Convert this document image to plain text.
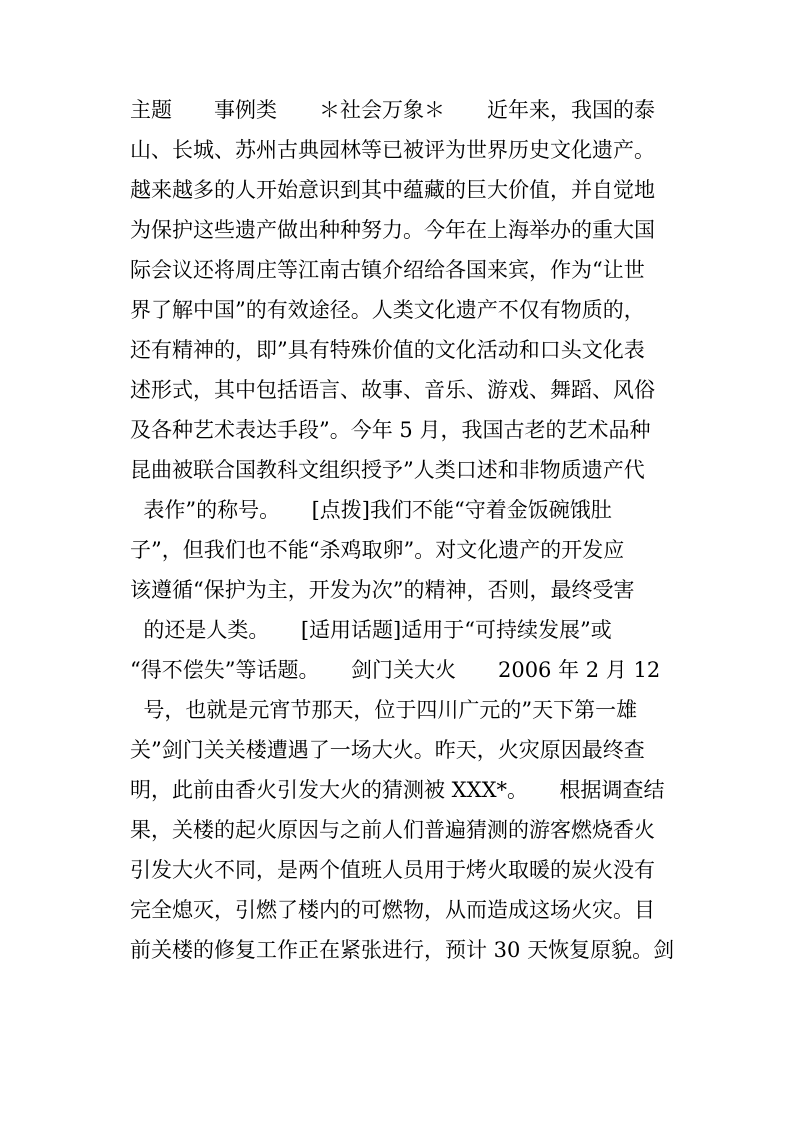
主题　　事例类　　＊社会万象＊　　近年来，我国的泰
山、长城、苏州古典园林等已被评为世界历史文化遗产。
越来越多的人开始意识到其中蕴藏的巨大价值，并自觉地
为保护这些遗产做出种种努力。今年在上海举办的重大国
际会议还将周庄等江南古镇介绍给各国来宾，作为“让世
界了解中国”的有效途径。人类文化遗产不仅有物质的，
还有精神的，即”具有特殊价值的文化活动和口头文化表
述形式，其中包括语言、故事、音乐、游戏、舞蹈、风俗
及各种艺术表达手段”。今年 5 月，我国古老的艺术品种
昆曲被联合国教科文组织授予”人类口述和非物质遗产代
表作”的称号。　　[点拨]我们不能“守着金饭碗饿肚
子”，但我们也不能“杀鸡取卵”。对文化遗产的开发应
该遵循“保护为主，开发为次”的精神，否则，最终受害
的还是人类。　　[适用话题]适用于“可持续发展”或
“得不偿失”等话题。　　剑门关大火　　2006 年 2 月 12
号，也就是元宵节那天，位于四川广元的”天下第一雄
关”剑门关关楼遭遇了一场大火。昨天，火灾原因最终查
明，此前由香火引发大火的猜测被 XXX*。　　根据调查结
果，关楼的起火原因与之前人们普遍猜测的游客燃烧香火
引发大火不同，是两个值班人员用于烤火取暖的炭火没有
完全熄灭，引燃了楼内的可燃物，从而造成这场火灾。目
前关楼的修复工作正在紧张进行，预计 30 天恢复原貌。剑
